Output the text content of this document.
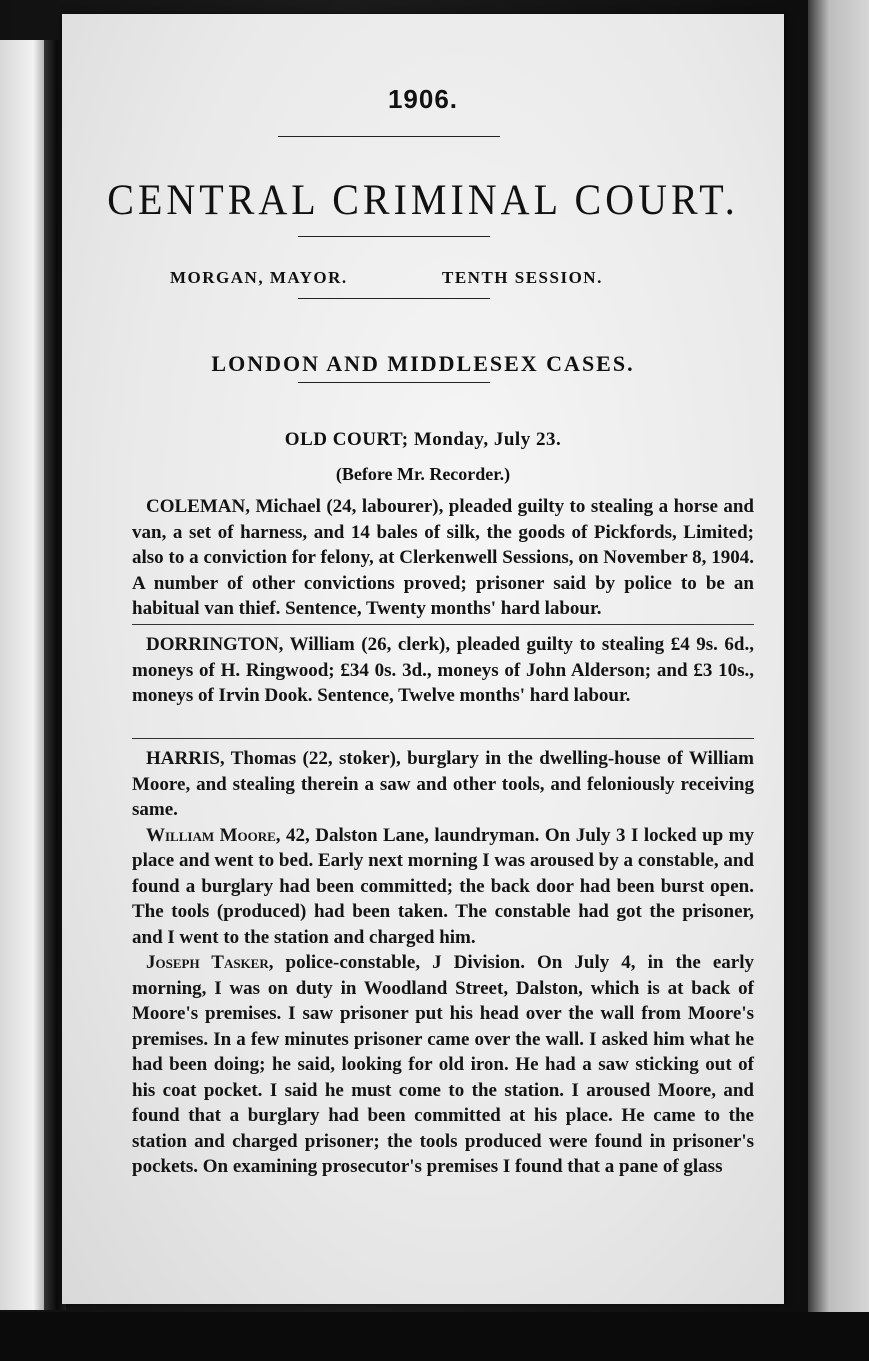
1906.
CENTRAL CRIMINAL COURT.
MORGAN, MAYOR.	TENTH SESSION.
LONDON AND MIDDLESEX CASES.
OLD COURT; Monday, July 23.
(Before Mr. Recorder.)

COLEMAN, Michael (24, labourer), pleaded guilty to stealing a horse and van, a set of harness, and 14 bales of silk, the goods of Pickfords, Limited; also to a conviction for felony, at Clerkenwell Sessions, on November 8, 1904. A number of other convictions proved; prisoner said by police to be an habitual van thief. Sentence, Twenty months' hard labour.

DORRINGTON, William (26, clerk), pleaded guilty to stealing £4 9s. 6d., moneys of H. Ringwood; £34 0s. 3d., moneys of John Alderson; and £3 10s., moneys of Irvin Dook. Sentence, Twelve months' hard labour.

HARRIS, Thomas (22, stoker), burglary in the dwelling-house of William Moore, and stealing therein a saw and other tools, and feloniously receiving same.

William Moore, 42, Dalston Lane, laundryman. On July 3 I locked up my place and went to bed. Early next morning I was aroused by a constable, and found a burglary had been committed; the back door had been burst open. The tools (produced) had been taken. The constable had got the prisoner, and I went to the station and charged him.

Joseph Tasker, police-constable, J Division. On July 4, in the early morning, I was on duty in Woodland Street, Dalston, which is at back of Moore's premises. I saw prisoner put his head over the wall from Moore's premises. In a few minutes prisoner came over the wall. I asked him what he had been doing; he said, looking for old iron. He had a saw sticking out of his coat pocket. I said he must come to the station. I aroused Moore, and found that a burglary had been committed at his place. He came to the station and charged prisoner; the tools produced were found in prisoner's pockets. On examining prosecutor's premises I found that a pane of glass
